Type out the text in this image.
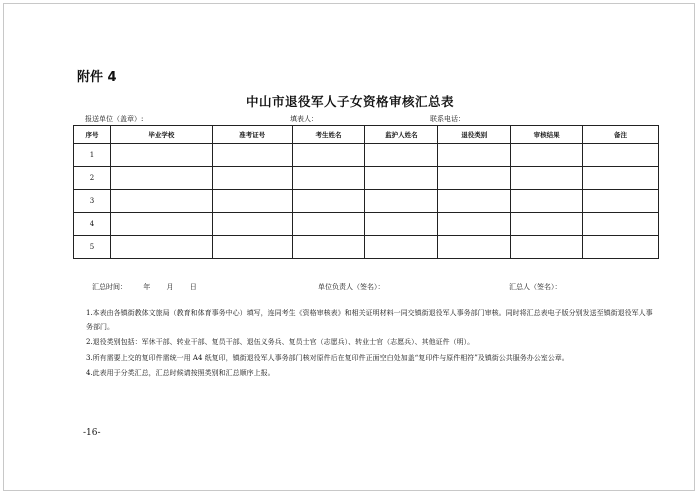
附件 4
中山市退役军人子女资格审核汇总表
报送单位（盖章）:	填表人：	联系电话：
序号	毕业学校	准考证号	考生姓名	监护人姓名	退役类别	审核结果	备注
1							
2							
3							
4							
5							
汇总时间： 年 月 日	单位负责人（签名）：	汇总人（签名）：

1.本表由各镇街教体文旅局（教育和体育事务中心）填写，连同考生《资格审核表》和相关证明材料一同交镇街退役军人事务部门审核。同时将汇总表电子版分别发送至镇街退役军人事务部门。

2.退役类别包括：军休干部、转业干部、复员干部、退伍义务兵、复员士官（志愿兵）、转业士官（志愿兵）、其他证件（明）。

3.所有需要上交的复印件需统一用 A4 纸复印，镇街退役军人事务部门核对原件后在复印件正面空白处加盖“复印件与原件相符”及镇街公共服务办公室公章。

4.此表用于分类汇总，汇总时候请按照类别和汇总顺序上报。

-16-
